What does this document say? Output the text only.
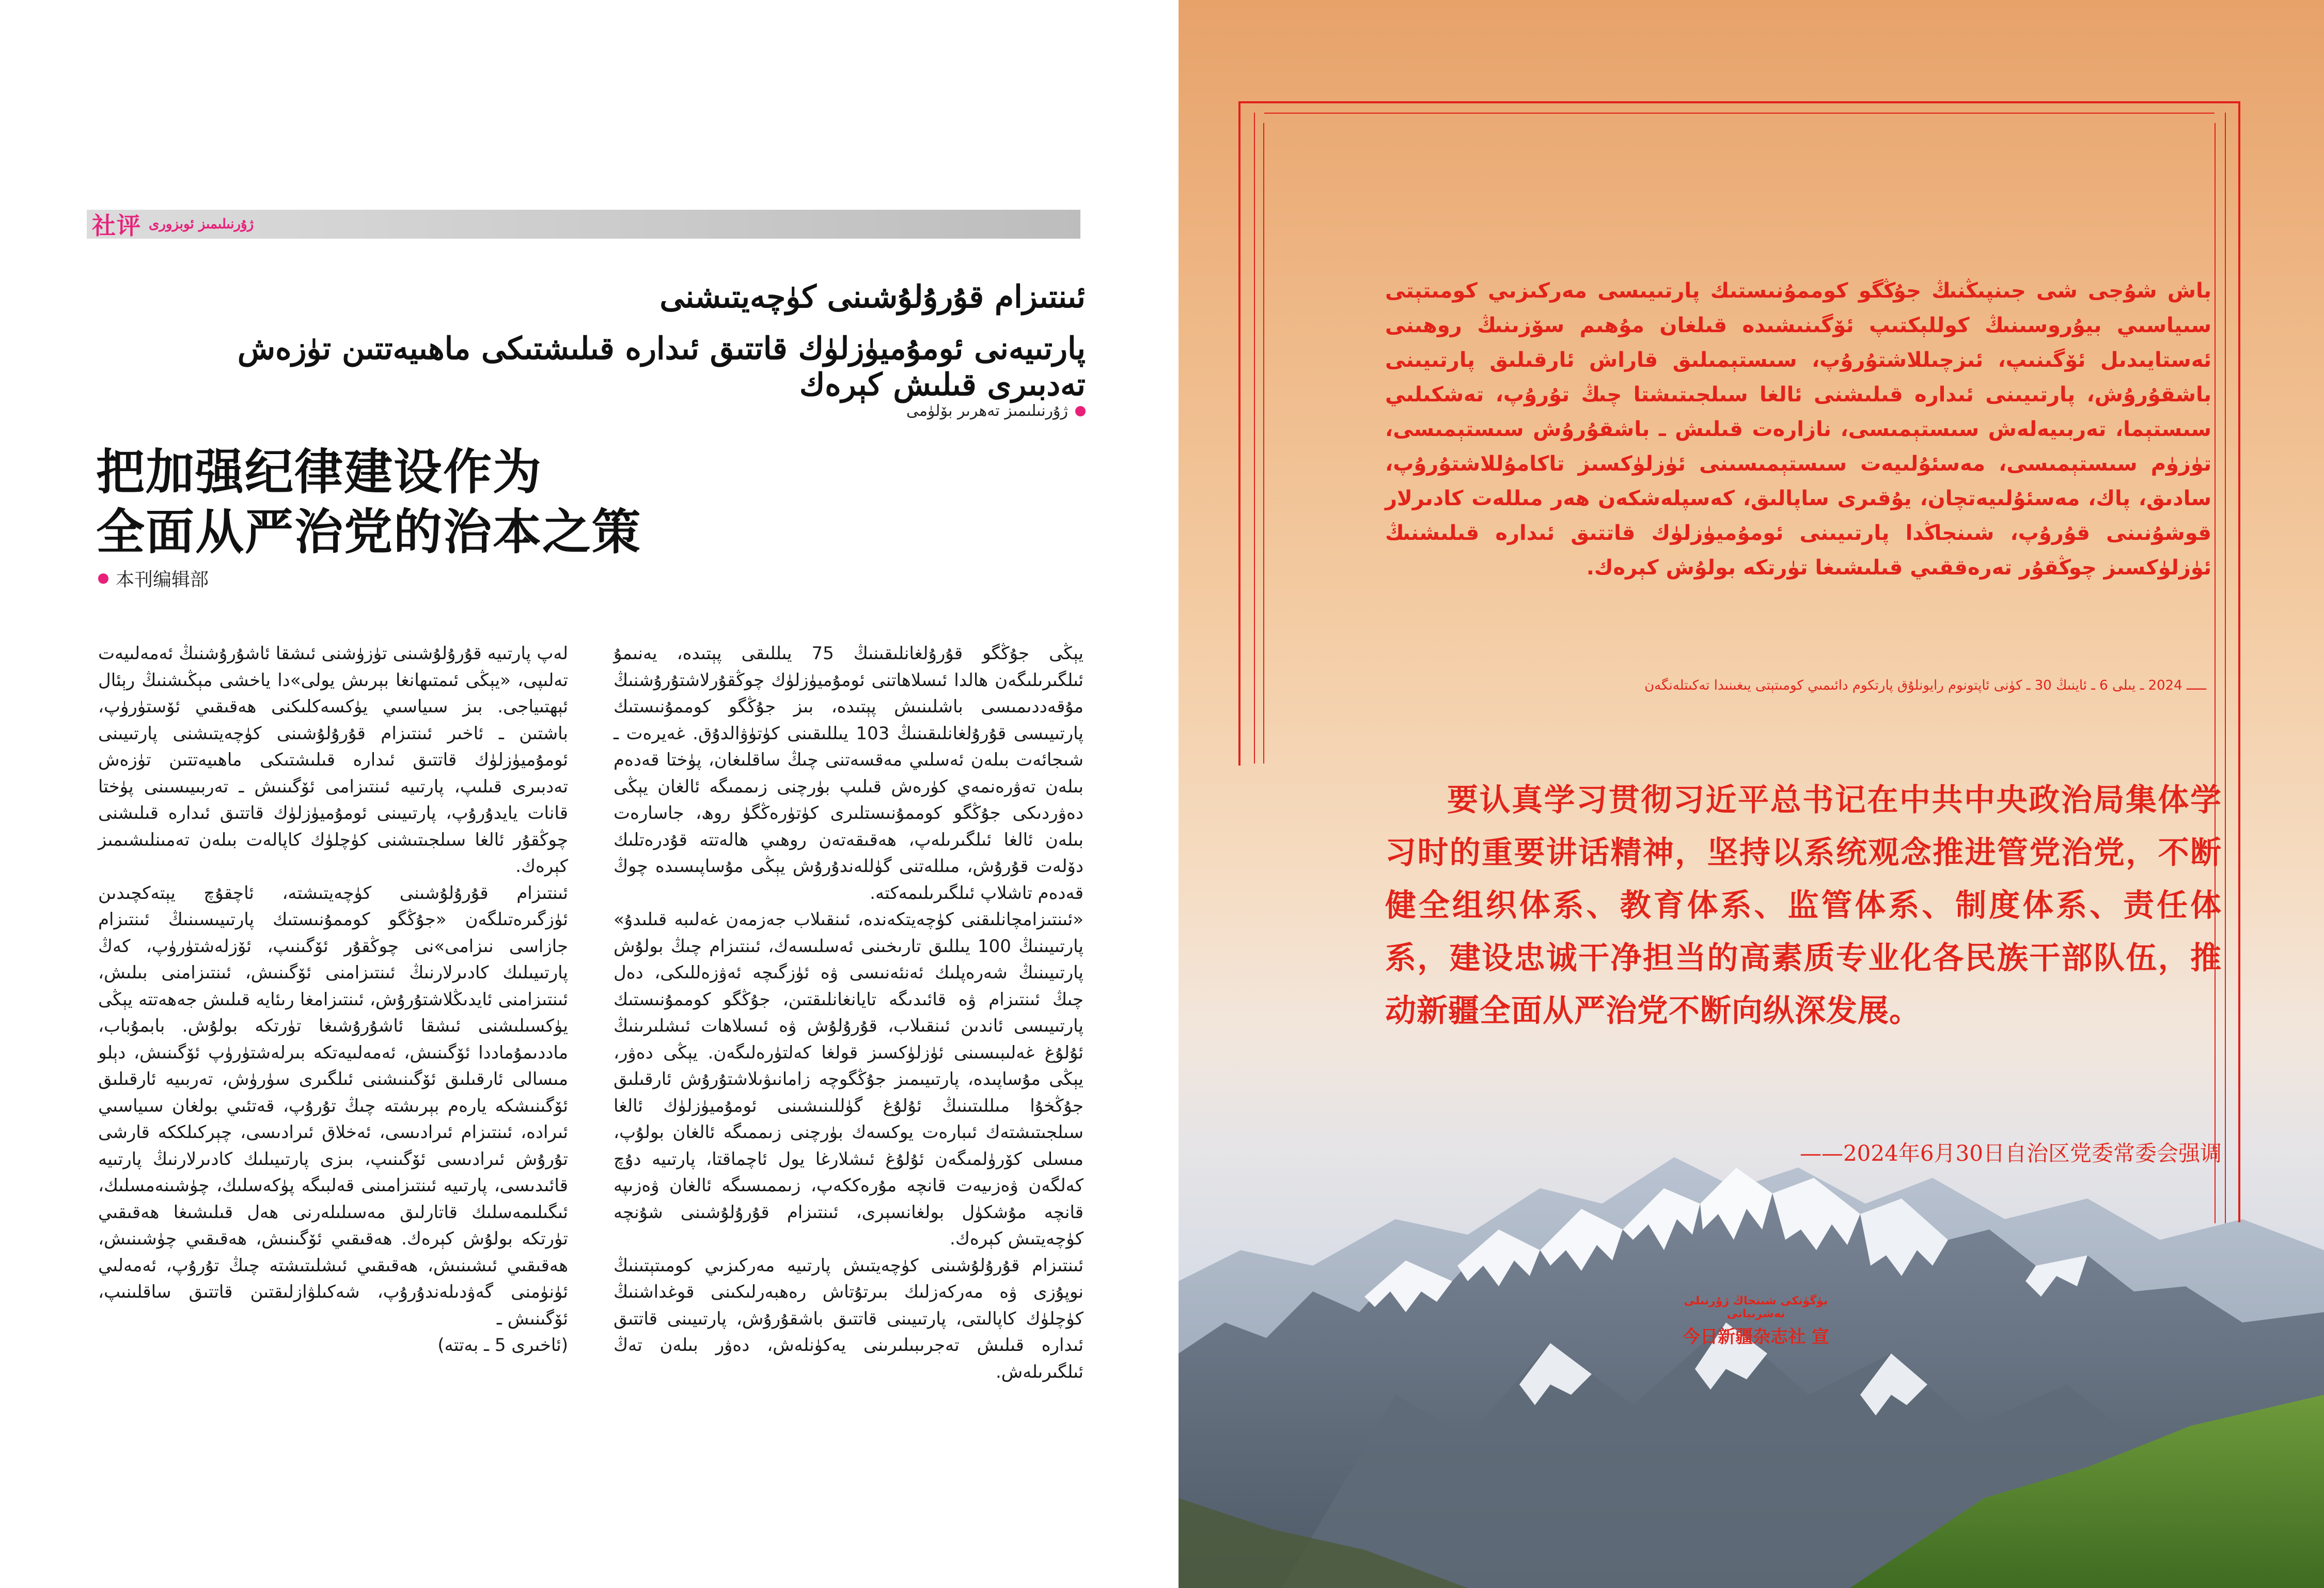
社评 ژۇرنىلىمىز ئوبزورى
ئىنتىزام قۇرۇلۇشىنى كۈچەيتىشنى
پارتىيەنى ئومۇميۈزلۈك قاتتىق ئىدارە قىلىشتىكى ماھىيەتتىن تۈزەش تەدبىرى قىلىش كېرەك
ژۇرنىلىمىز تەھرىر بۆلۈمى
把加强纪律建设作为
全面从严治党的治本之策
本刊编辑部

يېڭى جۇڭگو قۇرۇلغانلىقىنىڭ 75 يىللىقى پېتىدە، يەنىمۇ ئىلگىرىلىگەن ھالدا ئىسلاھاتنى ئومۇميۈزلۈك چوڭقۇرلاشتۇرۇشنىڭ مۇقەددىمىسى باشلىنىش پېتىدە، بىز جۇڭگو كوممۇنىستىك پارتىيىسى قۇرۇلغانلىقىنىڭ 103 يىللىقىنى كۈتۈۋالدۇق. غەيرەت ـ شىجائەت بىلەن ئەسلىي مەقسەتنى چىڭ ساقلىغان، پۈختا قەدەم بىلەن تەۋرەنمەي كۈرەش قىلىپ بۈرچنى زىممىگە ئالغان يېڭى دەۋردىكى جۇڭگو كوممۇنىستلىرى كۈتۈرەڭگۈ روھ، جاسارەت بىلەن ئالغا ئىلگىرىلەپ، ھەقىقەتەن روھىي ھالەتتە قۇدرەتلىك دۆلەت قۇرۇش، مىللەتنى گۈللەندۇرۇش يېڭى مۇساپىسىدە چوڭ قەدەم تاشلاپ ئىلگىرىلىمەكتە.

«ئىنتىزامچانلىقنى كۈچەيتكەندە، ئىنقىلاب جەزمەن غەلىبە قىلىدۇ» پارتىيىنىڭ 100 يىللىق تارىخىنى ئەسلىسەك، ئىنتىزام چىڭ بولۇش پارتىيىنىڭ شەرەپلىك ئەنئەنىسى ۋە ئۈزگىچە ئەۋزەللىكى، دەل چىڭ ئىنتىزام ۋە قائىدىگە تايانغانلىقتىن، جۇڭگو كوممۇنىستىك پارتىيىسى ئاندىن ئىنقىلاب، قۇرۇلۇش ۋە ئىسلاھات ئىشلىرىنىڭ ئۇلۇغ غەلىبىسىنى ئۈزلۈكسىز قولغا كەلتۈرەلىگەن. يېڭى دەۋر، يېڭى مۇساپىدە، پارتىيىمىز جۇڭگوچە زامانىۋىلاشتۇرۇش ئارقىلىق جۇڭخۇا مىللىتىنىڭ ئۇلۇغ گۈللىنىشىنى ئومۇميۈزلۈك ئالغا سىلجىتىشتەك ئىبارەت يوكسەك بۈرچنى زىممىگە ئالغان بولۇپ، مىسلى كۆرۈلمىگەن ئۇلۇغ ئىشلارغا يول ئاچماقتا، پارتىيە دۇچ كەلگەن ۋەزىيەت قانچە مۇرەككەپ، زىممىسىگە ئالغان ۋەزىپە قانچە مۇشكۈل بولغانسېرى، ئىنتىزام قۇرۇلۇشىنى شۇنچە كۈچەيتىش كېرەك.

ئىنتىزام قۇرۇلۇشىنى كۈچەيتىش پارتىيە مەركىزىي كومىتېتىنىڭ نوپۇزى ۋە مەركەزلىك بىرتۇتاش رەھبەرلىكىنى قوغداشنىڭ كۈچلۈك كاپالىتى، پارتىيىنى قاتتىق باشقۇرۇش، پارتىيىنى قاتتىق ئىدارە قىلىش تەجرىبىلىرىنى يەكۈنلەش، دەۋر بىلەن تەڭ ئىلگىرىلەش.

لەپ پارتىيە قۇرۇلۇشىنى تۈزۈشنى ئىشقا ئاشۇرۇشنىڭ ئەمەلىيەت تەلىپى، «يېڭى ئىمتىھانغا بېرىش يولى»دا ياخشى مېڭىشنىڭ رېئال ئېھتىياجى. بىز سىياسىي يۈكسەكلىكنى ھەقىقىي ئۆستۈرۈپ، باشتىن ـ ئاخىر ئىنتىزام قۇرۇلۇشىنى كۈچەيتىشنى پارتىيىنى ئومۇميۈزلۈك قاتتىق ئىدارە قىلىشتىكى ماھىيەتتىن تۈزەش تەدبىرى قىلىپ، پارتىيە ئىنتىزامى ئۆگىنىش ـ تەربىيىسىنى پۈختا قانات يايدۇرۇپ، پارتىيىنى ئومۇميۈزلۈك قاتتىق ئىدارە قىلىشنى چوڭقۇر ئالغا سىلجىتىشنى كۈچلۈك كاپالەت بىلەن تەمىنلىشىمىز كېرەك.

ئىنتىزام قۇرۇلۇشىنى كۈچەيتىشتە، ئاچقۇچ يېتەكچىدىن ئۈزگىرەتىلگەن «جۇڭگو كوممۇنىستىك پارتىيىسىنىڭ ئىنتىزام جازاسى نىزامى»نى چوڭقۇر ئۆگىنىپ، ئۆزلەشتۈرۈپ، كەڭ پارتىيىلىك كادىرلارنىڭ ئىنتىزامنى ئۆگىنىش، ئىنتىزامنى بىلىش، ئىنتىزامنى ئايدىڭلاشتۇرۇش، ئىنتىزامغا رىئايە قىلىش جەھەتتە يېڭى يۈكسىلىشنى ئىشقا ئاشۇرۇشىغا تۈرتكە بولۇش. بابمۇباب، ماددىمۇماددا ئۆگىنىش، ئەمەلىيەتكە بىرلەشتۈرۈپ ئۆگىنىش، دېلو مىسالى ئارقىلىق ئۆگىنىشنى ئىلگىرى سۈرۈش، تەربىيە ئارقىلىق ئۆگىنىشكە يارەم بېرىشتە چىڭ تۇرۇپ، قەتئىي بولغان سىياسىي ئىرادە، ئىنتىزام ئىرادىسى، ئەخلاق ئىرادىسى، چېركىلككە قارشى تۇرۇش ئىرادىسى ئۆگىنىپ، بىزى پارتىيىلىك كادىرلارنىڭ پارتىيە قائىدىسى، پارتىيە ئىنتىزامىنى قەلبىگە پۈكەسلىك، چۈشىنەمسلىك، ئىگىلىمەسلىك قاتارلىق مەسىلىلەرنى ھەل قىلىشىغا ھەقىقىي تۈرتكە بولۇش كېرەك. ھەقىقىي ئۆگىنىش، ھەقىقىي چۈشىنىش، ھەقىقىي ئىشىنىش، ھەقىقىي ئىشلىتىشتە چىڭ تۇرۇپ، ئەمەلىي ئۈنۈمنى گەۋدىلەندۇرۇپ، شەكىلۋازلىقتىن قاتتىق ساقلىنىپ، ئۆگىنىش ـ

(ئاخىرى 5 ـ بەتتە)

باش شۇجى شى جىنپىڭنىڭ جۇڭگو كوممۇنىستىك پارتىيىسى مەركىزىي كومىتېتى سىياسىي بيۇروسىنىڭ كوللېكتىپ ئۆگىنىشىدە قىلغان مۇھىم سۆزىنىڭ روھىنى ئەستايىدىل ئۆگىنىپ، ئىزچىللاشتۇرۇپ، سىستېمىلىق قاراش ئارقىلىق پارتىيىنى باشقۇرۇش، پارتىيىنى ئىدارە قىلىشنى ئالغا سىلجىتىشتا چىڭ تۇرۇپ، تەشكىلىي سىستېما، تەربىيەلەش سىستېمىسى، نازارەت قىلىش ـ باشقۇرۇش سىستېمىسى، تۈزۈم سىستېمىسى، مەسئۇلىيەت سىستېمىسىنى ئۈزلۈكسىز تاكامۇللاشتۇرۇپ، سادىق، پاك، مەسئۇلىيەتچان، يۇقىرى ساپالىق، كەسپلەشكەن ھەر مىللەت كادىرلار قوشۇنىنى قۇرۇپ، شىنجاڭدا پارتىيىنى ئومۇميۈزلۈك قاتتىق ئىدارە قىلىشنىڭ ئۈزلۈكسىز چوڭقۇر تەرەققىي قىلىشىغا تۈرتكە بولۇش كېرەك.

ـــــ 2024 ـ يىلى 6 ـ ئاينىڭ 30 ـ كۈنى ئاپتونوم رايونلۇق پارتكوم دائىمىي كومىتېتى يىغىنىدا تەكىتلەنگەن

要认真学习贯彻习近平总书记在中共中央政治局集体学习时的重要讲话精神，坚持以系统观念推进管党治党，不断健全组织体系、教育体系、监管体系、制度体系、责任体系，建设忠诚干净担当的高素质专业化各民族干部队伍，推动新疆全面从严治党不断向纵深发展。

——2024年6月30日自治区党委常委会强调
بۈگۈنكى شىنجاڭ ژۇرنىلى نەشرىياتى
今日新疆杂志社 宣
